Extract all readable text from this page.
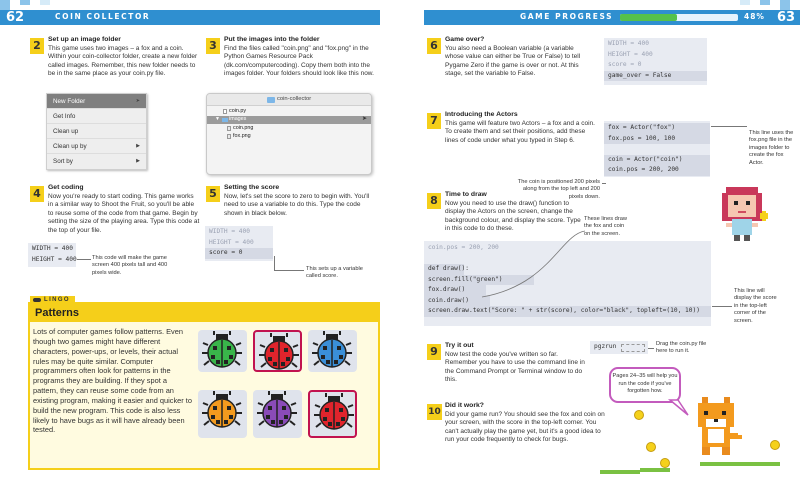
62	COIN COLLECTOR	GAME PROGRESS	48% 63
2	Set up an image folder
This game uses two images – a fox and a coin. Within your coin-collector folder, create a new folder called images. Remember, this new folder needs to be in the same place as your coin.py file.
New Folder	➤
Get Info
Clean up
Clean up by	▶
Sort by	▶
3	Put the images into the folder
Find the files called "coin.png" and "fox.png" in the Python Games Resource Pack (dk.com/computercoding). Copy them both into the images folder. Your folders should look like this now.
coin-collector
coin.py
▼ images	➤
coin.png
fox.png
4	Get coding
Now you're ready to start coding. This game works in a similar way to Shoot the Fruit, so you'll be able to reuse some of the code from that game. Begin by setting the size of the playing area. Type this code at the top of your file.
WIDTH = 400
HEIGHT = 400	This code will make the game screen 400 pixels tall and 400 pixels wide.
5	Setting the score
Now, let's set the score to zero to begin with. You'll need to use a variable to do this. Type the code shown in black below.
WIDTH = 400
HEIGHT = 400
score = 0
This sets up a variable called score.
LINGO
Patterns
Lots of computer games follow patterns. Even though two games might have different characters, power-ups, or levels, their actual rules may be quite similar. Computer programmers often look for patterns in the programs they are building. If they spot a pattern, they can reuse some code from an existing program, making it easier and quicker to build the new program. This code is also less likely to have bugs as it will have already been tested.
6	Game over?
You also need a Boolean variable (a variable whose value can either be True or False) to tell Pygame Zero if the game is over or not. At this stage, set the variable to False.
WIDTH = 400
HEIGHT = 400
score = 0
game_over = False
7	Introducing the Actors
This game will feature two Actors – a fox and a coin. To create them and set their positions, add these lines of code under what you typed in Step 6.
fox = Actor("fox")
fox.pos = 100, 100
coin = Actor("coin")
coin.pos = 200, 200
This line uses the fox.png file in the images folder to create the fox Actor.
The coin is positioned 200 pixels along from the top left and 200 pixels down.
8	Time to draw
Now you need to use the draw() function to display the Actors on the screen, change the background colour, and display the score. Type in this code to do these.
These lines draw the fox and coin on the screen.
coin.pos = 200, 200
def draw():
screen.fill("green")
fox.draw()
coin.draw()
screen.draw.text("Score: " + str(score), color="black", topleft=(10, 10))
This line will display the score in the top-left corner of the screen.
9	Try it out
Now test the code you've written so far. Remember you have to use the command line in the Command Prompt or Terminal window to do this.
pgzrun	Drag the coin.py file here to run it.
Pages 24–35 will help you run the code if you've forgotten how.
10
Did it work?
Did your game run? You should see the fox and coin on your screen, with the score in the top-left corner. You can't actually play the game yet, but it's a good idea to run your code frequently to check for bugs.
